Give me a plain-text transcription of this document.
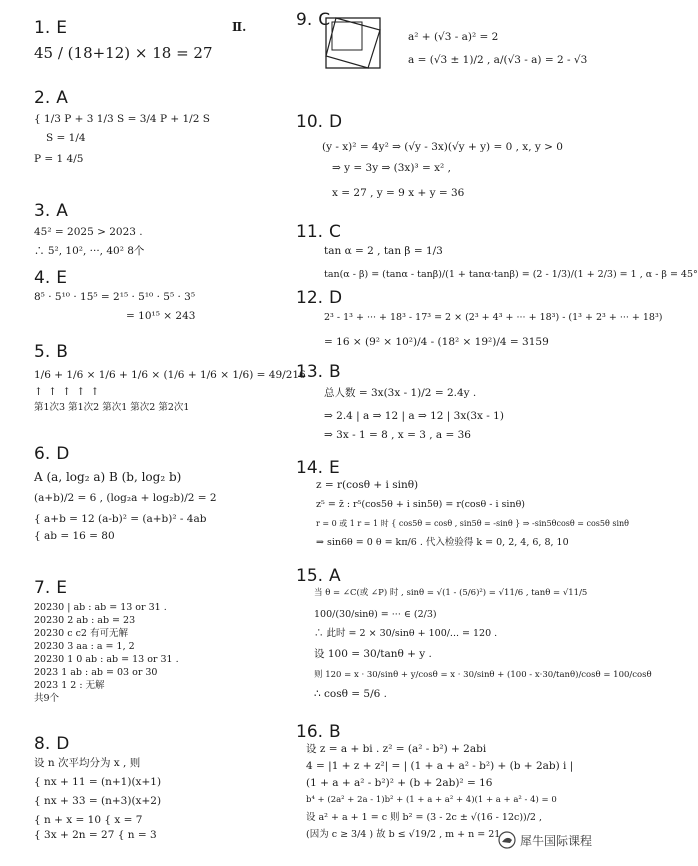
Ⅱ.
1. E
45 / (18+12) × 18 = 27
2. A
{ 1/3 P + 3 1/3 S = 3/4 P + 1/2 S
S = 1/4
P = 1 4/5
3. A
45² = 2025 > 2023 .
∴ 5², 10², ···, 40² 8个
4. E
8⁵ · 5¹⁰ · 15⁵ = 2¹⁵ · 5¹⁰ · 5⁵ · 3⁵
= 10¹⁵ × 243
5. B
1/6 + 1/6 × 1/6 + 1/6 × (1/6 + 1/6 × 1/6) = 49/216
↑ ↑ ↑ ↑ ↑
第1次3 第1次2 第次1 第次2 第2次1
6. D
A (a, log₂ a) B (b, log₂ b)
(a+b)/2 = 6 , (log₂a + log₂b)/2 = 2
{ a+b = 12 (a-b)² = (a+b)² - 4ab
{ ab = 16 = 80
7. E
20230 | ab : ab = 13 or 31 .
20230 2 ab : ab = 23
20230 c c2 有可无解
20230 3 aa : a = 1, 2
20230 1 0 ab : ab = 13 or 31 .
2023 1 ab : ab = 03 or 30
2023 1 2 : 无解
共9个
8. D
设 n 次平均分为 x , 则
{ nx + 11 = (n+1)(x+1)
{ nx + 33 = (n+3)(x+2)
{ n + x = 10 { x = 7
{ 3x + 2n = 27 { n = 3
9. C
a² + (√3 - a)² = 2
a = (√3 ± 1)/2 , a/(√3 - a) = 2 - √3
10. D
(y - x)² = 4y² ⇒ (√y - 3x)(√y + y) = 0 , x, y > 0
⇒ y = 3y ⇒ (3x)³ = x² ,
x = 27 , y = 9 x + y = 36
11. C
tan α = 2 , tan β = 1/3
tan(α - β) = (tanα - tanβ)/(1 + tanα·tanβ) = (2 - 1/3)/(1 + 2/3) = 1 , α - β = 45°
12. D
2³ - 1³ + ··· + 18³ - 17³ = 2 × (2³ + 4³ + ··· + 18³) - (1³ + 2³ + ··· + 18³)
= 16 × (9² × 10²)/4 - (18² × 19²)/4 = 3159
13. B
总人数 = 3x(3x - 1)/2 = 2.4y .
⇒ 2.4 | a ⇒ 12 | a ⇒ 12 | 3x(3x - 1)
⇒ 3x - 1 = 8 , x = 3 , a = 36
14. E
z = r(cosθ + i sinθ)
z⁵ = z̄ : r⁵(cos5θ + i sin5θ) = r(cosθ - i sinθ)
r = 0 或 1 r = 1 时 { cos5θ = cosθ , sin5θ = -sinθ } ⇒ -sin5θcosθ = cos5θ sinθ
⇒ sin6θ = 0 θ = kπ/6 . 代入检验得 k = 0, 2, 4, 6, 8, 10
15. A
当 θ = ∠C(或 ∠P) 时 , sinθ = √(1 - (5/6)²) = √11/6 , tanθ = √11/5
100/(30/sinθ) = ··· ∈ (2/3)
∴ 此时 = 2 × 30/sinθ + 100/... = 120 .
设 100 = 30/tanθ + y .
则 120 = x · 30/sinθ + y/cosθ = x · 30/sinθ + (100 - x·30/tanθ)/cosθ = 100/cosθ
∴ cosθ = 5/6 .
16. B
设 z = a + bi . z² = (a² - b²) + 2abi
4 = |1 + z + z²| = | (1 + a + a² - b²) + (b + 2ab) i |
(1 + a + a² - b²)² + (b + 2ab)² = 16
b⁴ + (2a² + 2a - 1)b² + (1 + a + a² + 4)(1 + a + a² - 4) = 0
设 a² + a + 1 = c 则 b² = (3 - 2c ± √(16 - 12c))/2 ,
(因为 c ≥ 3/4 ) 故 b ≤ √19/2 , m + n = 21	犀牛国际课程
